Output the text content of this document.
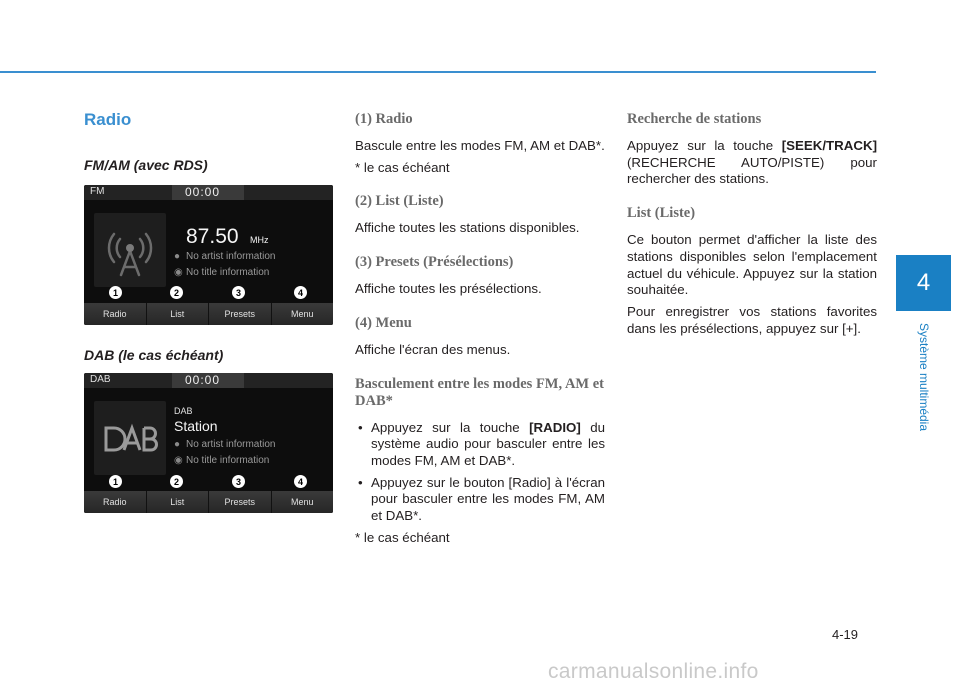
4
Système multimédia
Radio
FM/AM (avec RDS)
FM	00:00
87.50 MHz
● No artist information
◉ No title information
1	2	3	4
Radio	List	Presets	Menu
DAB (le cas échéant)
DAB	00:00
DAB
Station
● No artist information
◉ No title information
1	2	3	4
Radio	List	Presets	Menu
(1) Radio

Bascule entre les modes FM, AM et DAB*.

* le cas échéant

(2) List (Liste)

Affiche toutes les stations disponibles.

(3) Presets (Présélections)

Affiche toutes les présélections.

(4) Menu

Affiche l'écran des menus.

Basculement entre les modes FM, AM et DAB*
• Appuyez sur la touche [RADIO] du système audio pour basculer entre les modes FM, AM et DAB*.
• Appuyez sur le bouton [Radio] à l'écran pour basculer entre les modes FM, AM et DAB*.

* le cas échéant

Recherche de stations

Appuyez sur la touche [SEEK/TRACK] (RECHERCHE AUTO/PISTE) pour rechercher des stations.

List (Liste)

Ce bouton permet d'afficher la liste des stations disponibles selon l'emplacement actuel du véhicule. Appuyez sur la station souhaitée.

Pour enregistrer vos stations favorites dans les présélections, appuyez sur [+].

4-19
carmanualsonline.info
